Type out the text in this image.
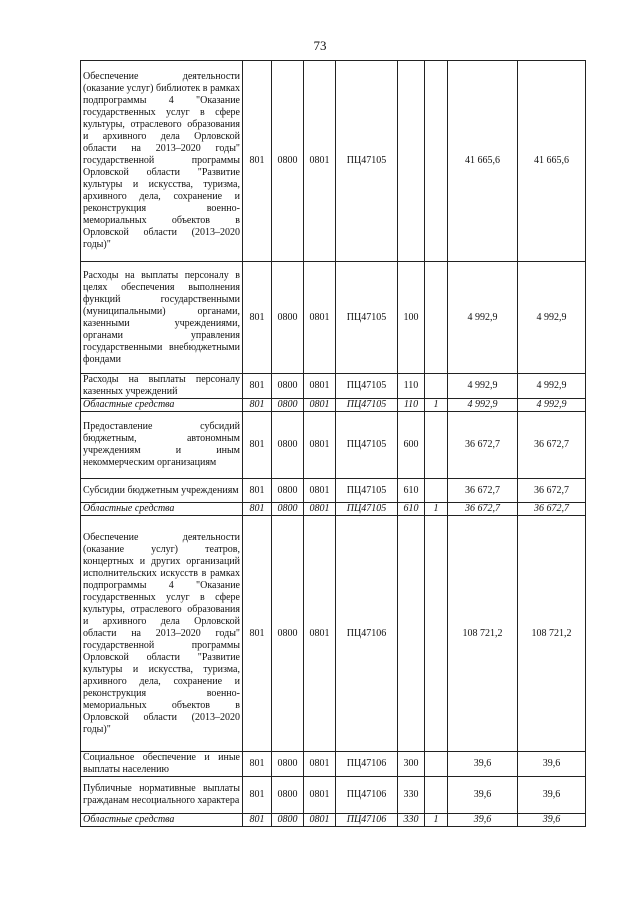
73
Обеспечение деятельности (оказание услуг) библиотек в рамках подпрограммы 4 "Оказание государственных услуг в сфере культуры, отраслевого образования и архивного дела Орловской области на 2013–2020 годы" государственной программы Орловской области "Развитие культуры и искусства, туризма, архивного дела, сохранение и реконструкция военно-мемориальных объектов в Орловской области (2013–2020 годы)"	801	0800	0801	ПЦ47105			41 665,6	41 665,6
Расходы на выплаты персоналу в целях обеспечения выполнения функций государственными (муниципальными) органами, казенными учреждениями, органами управления государственными внебюджетными фондами	801	0800	0801	ПЦ47105	100		4 992,9	4 992,9
Расходы на выплаты персоналу казенных учреждений	801	0800	0801	ПЦ47105	110		4 992,9	4 992,9
Областные средства	801	0800	0801	ПЦ47105	110	1	4 992,9	4 992,9
Предоставление субсидий бюджетным, автономным учреждениям и иным некоммерческим организациям	801	0800	0801	ПЦ47105	600		36 672,7	36 672,7
Субсидии бюджетным учреждениям	801	0800	0801	ПЦ47105	610		36 672,7	36 672,7
Областные средства	801	0800	0801	ПЦ47105	610	1	36 672,7	36 672,7
Обеспечение деятельности (оказание услуг) театров, концертных и других организаций исполнительских искусств в рамках подпрограммы 4 "Оказание государственных услуг в сфере культуры, отраслевого образования и архивного дела Орловской области на 2013–2020 годы" государственной программы Орловской области "Развитие культуры и искусства, туризма, архивного дела, сохранение и реконструкция военно-мемориальных объектов в Орловской области (2013–2020 годы)"	801	0800	0801	ПЦ47106			108 721,2	108 721,2
Социальное обеспечение и иные выплаты населению	801	0800	0801	ПЦ47106	300		39,6	39,6
Публичные нормативные выплаты гражданам несоциального характера	801	0800	0801	ПЦ47106	330		39,6	39,6
Областные средства	801	0800	0801	ПЦ47106	330	1	39,6	39,6
